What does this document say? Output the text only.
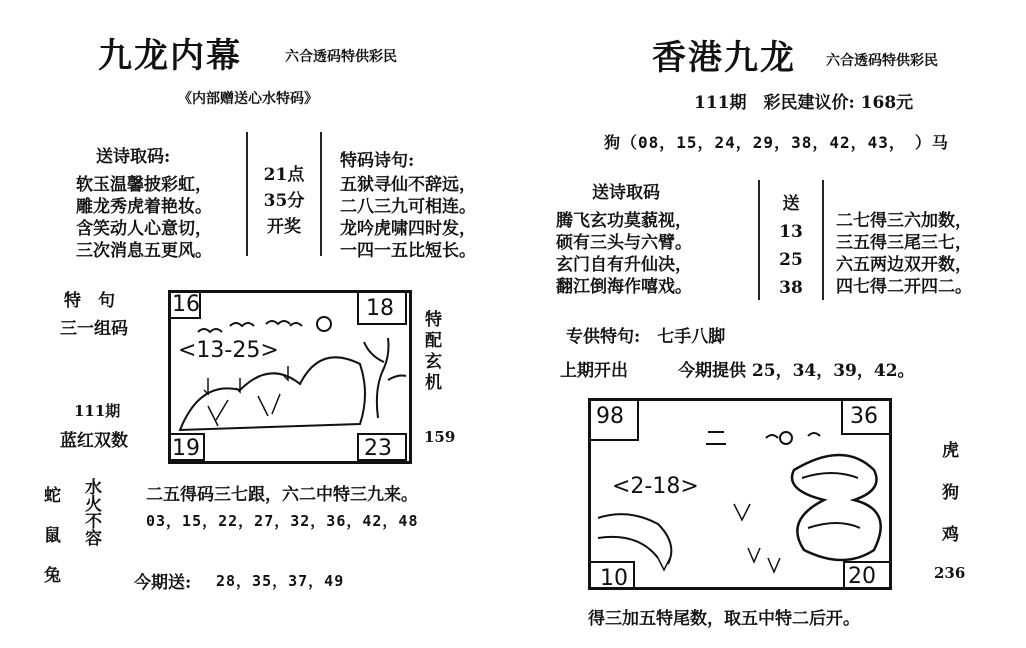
九龙内幕	六合透码特供彩民
《内部赠送心水特码》
送诗取码:
软玉温馨披彩虹，
雕龙秀虎着艳妆。
含笑动人心意切，
三次消息五更风。
21点
35分
开奖
特码诗句:
五狱寻仙不辞远，
二八三九可相连。
龙吟虎啸四时发，
一四一五比短长。
特　句
三一组码
111期
蓝红双数
16	18
19	23
<13-25>	特配玄机
159
蛇
鼠
兔
水火不容	二五得码三七跟，六二中特三九来。
03，15，22，27，32，36，42，48
今期送: 28，35，37，49
香港九龙 六合透码特供彩民
111期　彩民建议价: 168元
狗（08，15，24，29，38，42，43，　）马
送诗取码
腾飞玄功莫藐视，
硕有三头与六臂。
玄门自有升仙决，
翻江倒海作嘻戏。
送
13
25
38
二七得三六加数，
三五得三尾三七，
六五两边双开数，
四七得二开四二。
专供特句:　七手八脚
上期开出	今期提供 25，34，39，42。
98	36
10	20
<2-18>
虎
狗
鸡
236
得三加五特尾数，取五中特二后开。
